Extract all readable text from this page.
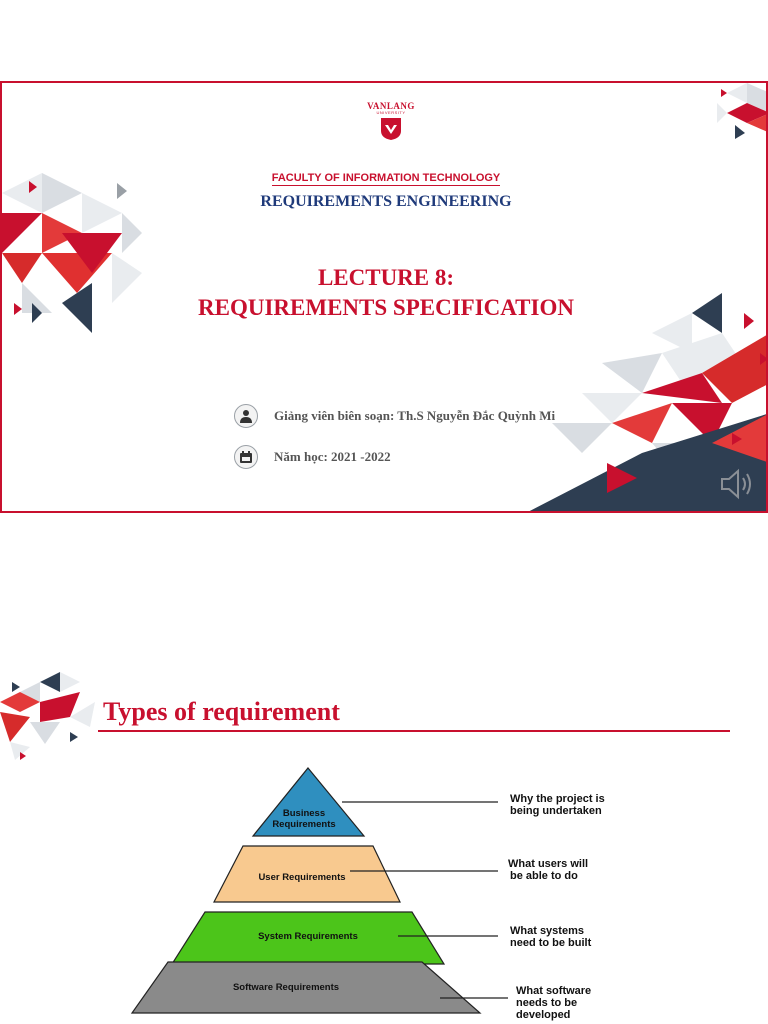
VANLANG
UNIVERSITY
FACULTY OF INFORMATION TECHNOLOGY
REQUIREMENTS ENGINEERING
LECTURE 8:
REQUIREMENTS SPECIFICATION
Giảng viên biên soạn: Th.S Nguyễn Đắc Quỳnh Mi
Năm học: 2021 -2022
Types of requirement
Business
Requirements
Why the project is
being undertaken
User Requirements
What users will
be able to do
System Requirements	What systems
need to be built
Software Requirements	What software
needs to be
developed
